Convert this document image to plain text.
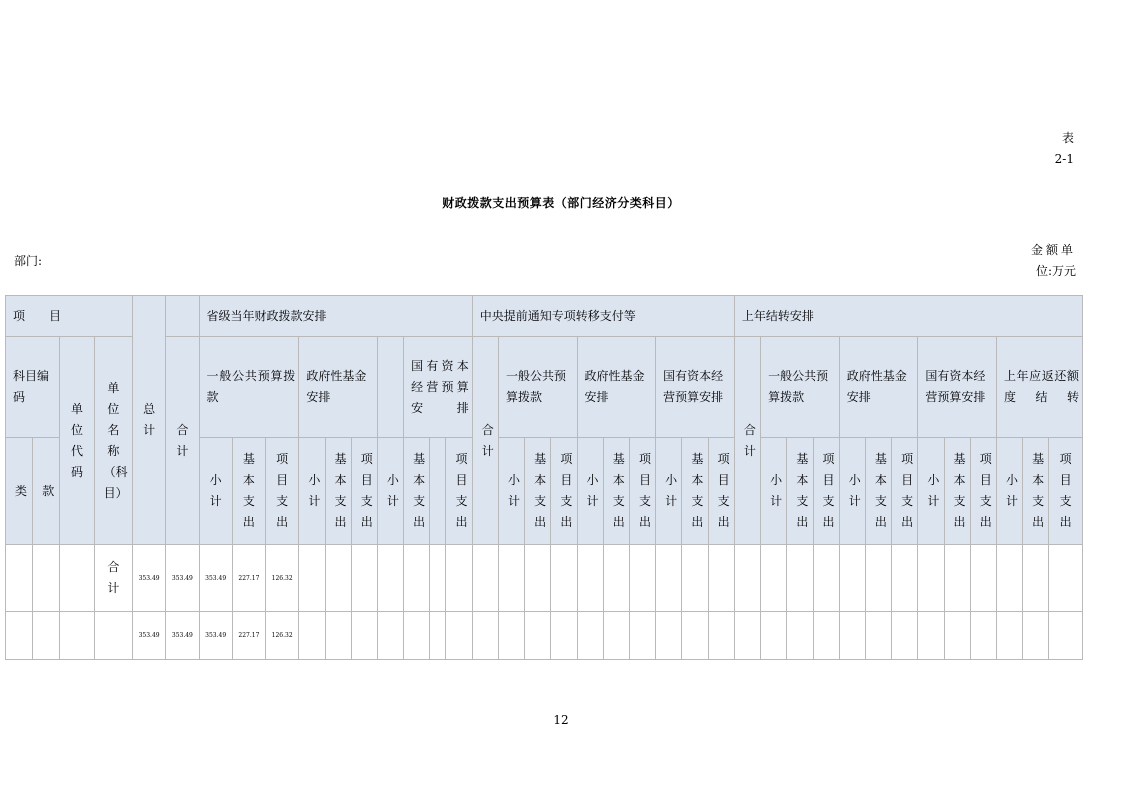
表
2-1
财政拨款支出预算表（部门经济分类科目）
部门:
金额单
位:万元
项　　目				总计		省级当年财政拨款安排										中央提前通知专项转移支付等										上年结转安排												
科目编码		单位代码	单位名称（科目）		合计	一般公共预算拨款			政府性基金安排				国有资本经营预算安排			合计	一般公共预算拨款			政府性基金安排			国有资本经营预算安排			合计	一般公共预算拨款			政府性基金安排			国有资本经营预算安排			上年应返还额度结转		
类	款					小计	基本支出	项目支出	小计	基本支出	项目支出	小计	基本支出		项目支出		小计	基本支出	项目支出	小计	基本支出	项目支出	小计	基本支出	项目支出		小计	基本支出	项目支出	小计	基本支出	项目支出	小计	基本支出	项目支出	小计	基本支出	项目支出
			合计	353.49	353.49	353.49	227.17	126.32																														
				353.49	353.49	353.49	227.17	126.32																														
12
